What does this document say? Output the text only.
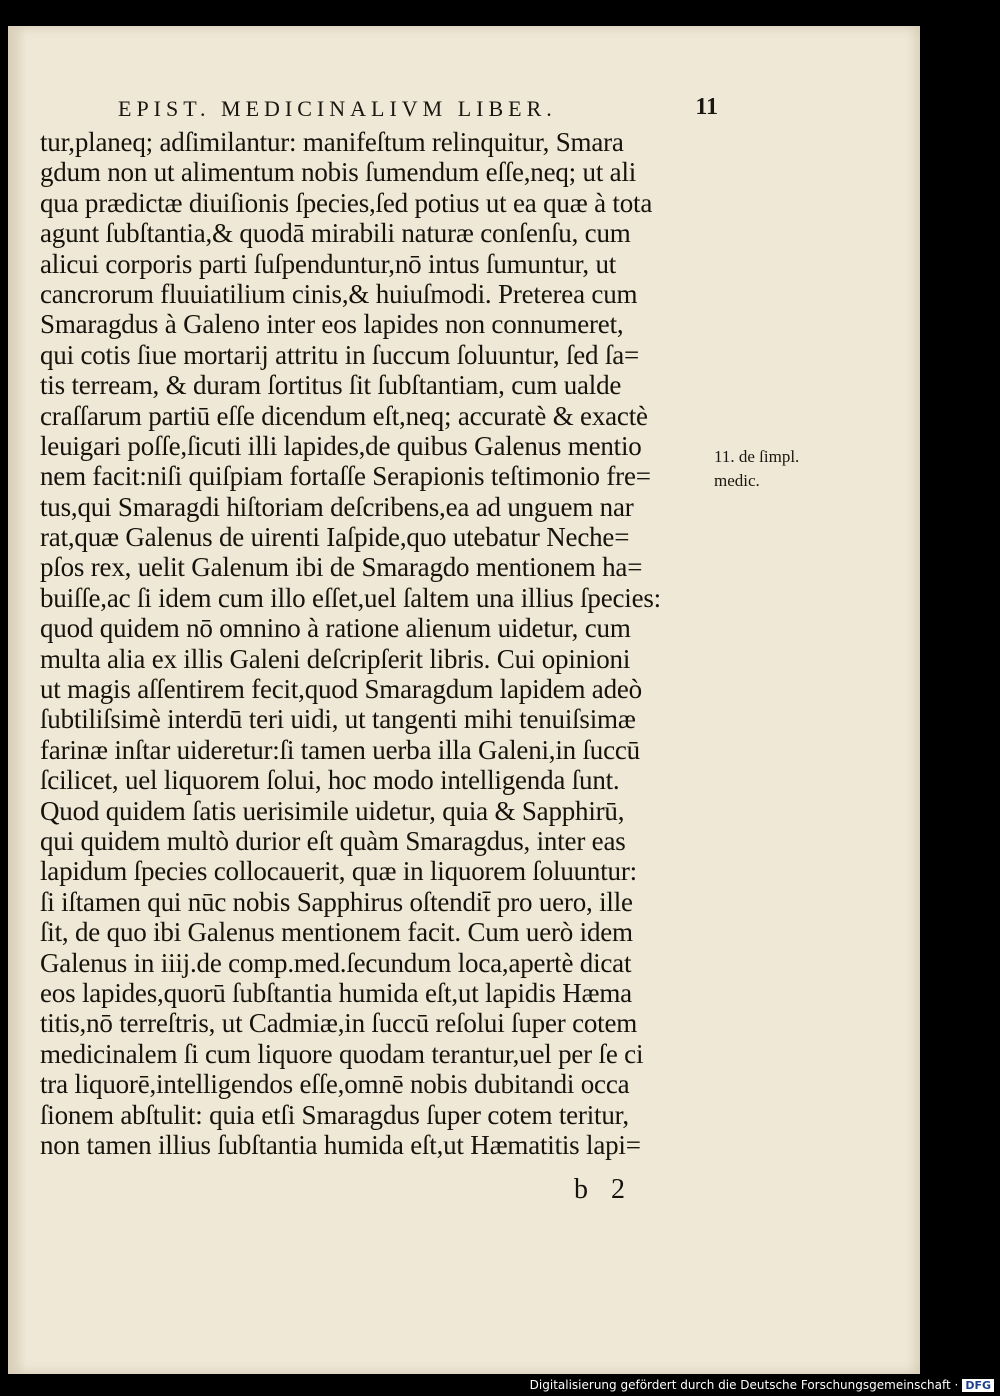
EPIST. MEDICINALIVM LIBER.	11
tur,planeq; adſimilantur: manifeſtum relinquitur, Smara
gdum non ut alimentum nobis ſumendum eſſe,neq; ut ali
qua prædictæ diuiſionis ſpecies,ſed potius ut ea quæ à tota
agunt ſubſtantia,& quodā mirabili naturæ conſenſu, cum
alicui corporis parti ſuſpenduntur,nō intus ſumuntur, ut
cancrorum fluuiatilium cinis,& huiuſmodi. Preterea cum
Smaragdus à Galeno inter eos lapides non connumeret,
qui cotis ſiue mortarij attritu in ſuccum ſoluuntur, ſed ſa=
tis terream, & duram ſortitus ſit ſubſtantiam, cum ualde
craſſarum partiū eſſe dicendum eſt,neq; accuratè & exactè
leuigari poſſe,ſicuti illi lapides,de quibus Galenus mentio
nem facit:niſi quiſpiam fortaſſe Serapionis teſtimonio fre=
tus,qui Smaragdi hiſtoriam deſcribens,ea ad unguem nar
rat,quæ Galenus de uirenti Iaſpide,quo utebatur Neche=
pſos rex, uelit Galenum ibi de Smaragdo mentionem ha=
buiſſe,ac ſi idem cum illo eſſet,uel ſaltem una illius ſpecies:
quod quidem nō omnino à ratione alienum uidetur, cum
multa alia ex illis Galeni deſcripſerit libris. Cui opinioni
ut magis aſſentirem fecit,quod Smaragdum lapidem adeò
ſubtiliſsimè interdū teri uidi, ut tangenti mihi tenuiſsimæ
farinæ inſtar uideretur:ſi tamen uerba illa Galeni,in ſuccū
ſcilicet, uel liquorem ſolui, hoc modo intelligenda ſunt.
Quod quidem ſatis uerisimile uidetur, quia & Sapphirū,
qui quidem multò durior eſt quàm Smaragdus, inter eas
lapidum ſpecies collocauerit, quæ in liquorem ſoluuntur:
ſi iſtamen qui nūc nobis Sapphirus oſtendit̄ pro uero, ille
ſit, de quo ibi Galenus mentionem facit. Cum uerò idem
Galenus in iiij.de comp.med.ſecundum loca,apertè dicat
eos lapides,quorū ſubſtantia humida eſt,ut lapidis Hæma
titis,nō terreſtris, ut Cadmiæ,in ſuccū reſolui ſuper cotem
medicinalem ſi cum liquore quodam terantur,uel per ſe ci
tra liquorē,intelligendos eſſe,omnē nobis dubitandi occa
ſionem abſtulit: quia etſi Smaragdus ſuper cotem teritur,
non tamen illius ſubſtantia humida eſt,ut Hæmatitis lapi=
11. de ſimpl.
medic.
b 2
Digitalisierung gefördert durch die Deutsche Forschungsgemeinschaft · DFG
